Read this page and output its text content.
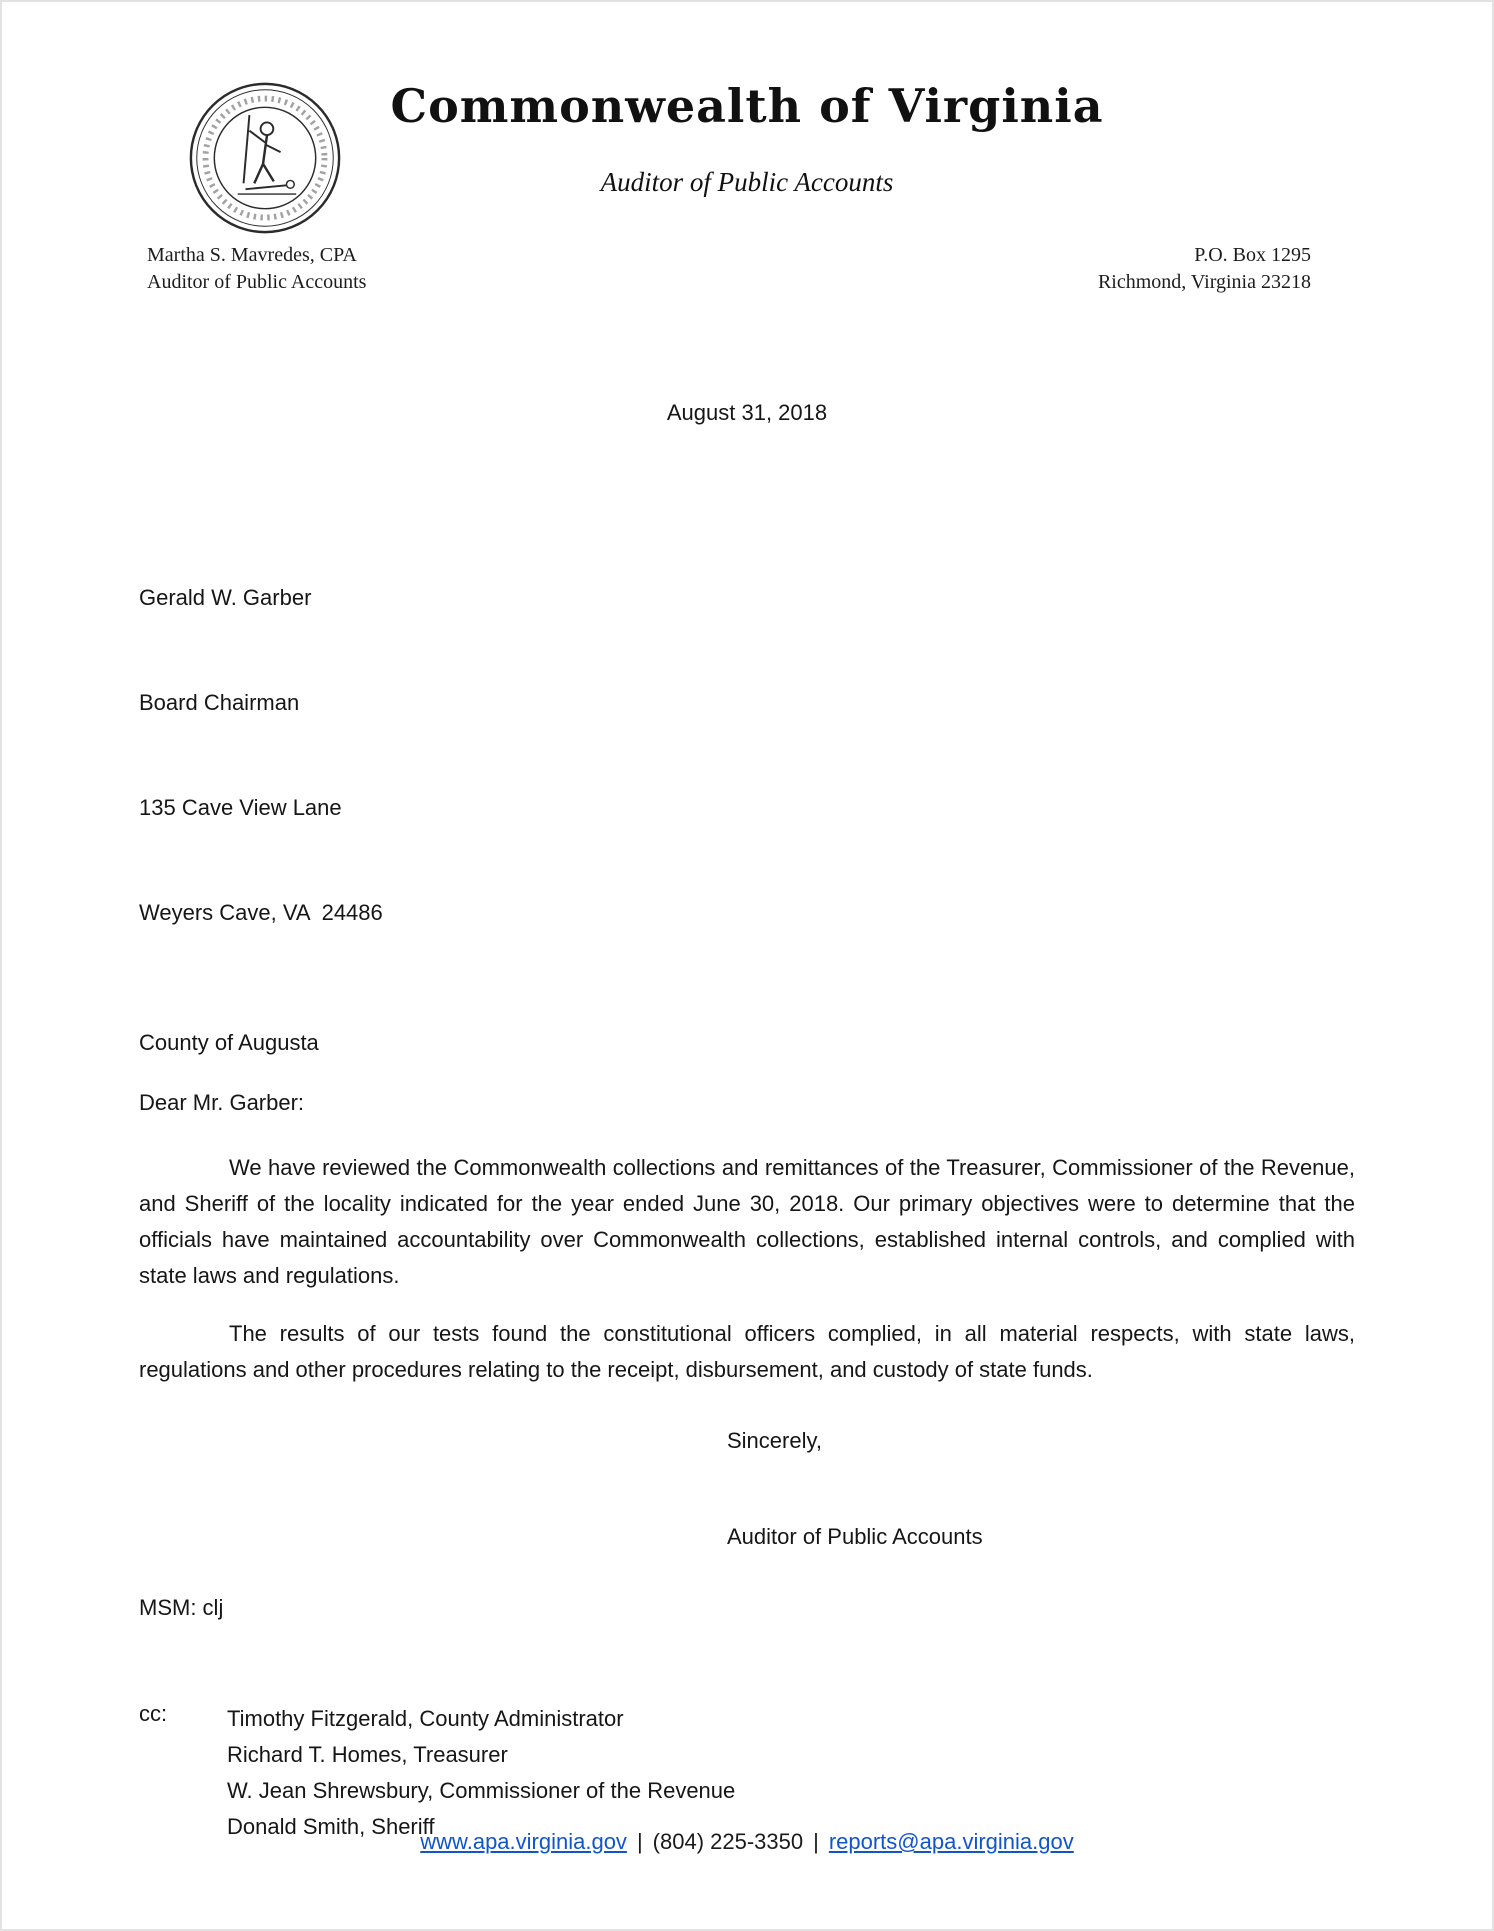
Commonwealth of Virginia
Auditor of Public Accounts
Martha S. Mavredes, CPA
Auditor of Public Accounts
P.O. Box 1295
Richmond, Virginia 23218
August 31, 2018

Gerald W. Garber

Board Chairman

135 Cave View Lane

Weyers Cave, VA  24486

County of Augusta
Dear Mr. Garber:

We have reviewed the Commonwealth collections and remittances of the Treasurer, Commissioner of the Revenue, and Sheriff of the locality indicated for the year ended June 30, 2018. Our primary objectives were to determine that the officials have maintained accountability over Commonwealth collections, established internal controls, and complied with state laws and regulations.

The results of our tests found the constitutional officers complied, in all material respects, with state laws, regulations and other procedures relating to the receipt, disbursement, and custody of state funds.

Sincerely,
Auditor of Public Accounts
MSM: clj
cc:	Timothy Fitzgerald, County Administrator
Richard T. Homes, Treasurer
W. Jean Shrewsbury, Commissioner of the Revenue
Donald Smith, Sheriff
www.apa.virginia.gov | (804) 225-3350 | reports@apa.virginia.gov
